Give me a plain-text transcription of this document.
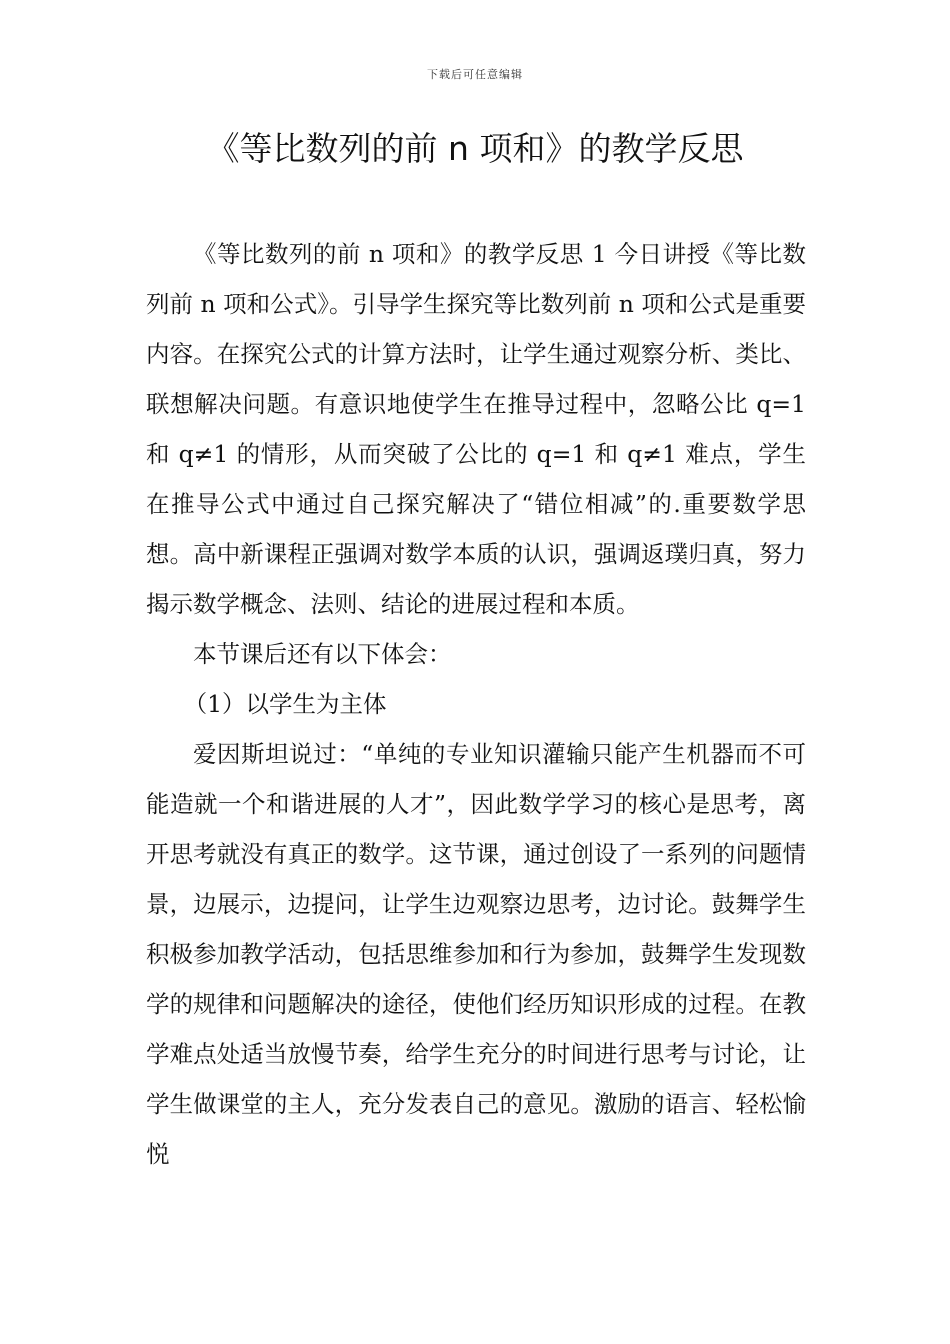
下载后可任意编辑
《等比数列的前 n 项和》的教学反思

《等比数列的前 n 项和》的教学反思 1 今日讲授《等比数列前 n 项和公式》。引导学生探究等比数列前 n 项和公式是重要内容。在探究公式的计算方法时，让学生通过观察分析、类比、联想解决问题。有意识地使学生在推导过程中，忽略公比 q=1 和 q≠1 的情形，从而突破了公比的 q=1 和 q≠1 难点，学生在推导公式中通过自己探究解决了“错位相减”的.重要数学思想。高中新课程正强调对数学本质的认识，强调返璞归真，努力揭示数学概念、法则、结论的进展过程和本质。

本节课后还有以下体会：

（1）以学生为主体

爱因斯坦说过：“单纯的专业知识灌输只能产生机器而不可能造就一个和谐进展的人才”，因此数学学习的核心是思考，离开思考就没有真正的数学。这节课，通过创设了一系列的问题情景，边展示，边提问，让学生边观察边思考，边讨论。鼓舞学生积极参加教学活动，包括思维参加和行为参加，鼓舞学生发现数学的规律和问题解决的途径，使他们经历知识形成的过程。在教学难点处适当放慢节奏，给学生充分的时间进行思考与讨论，让学生做课堂的主人，充分发表自己的意见。激励的语言、轻松愉悦
